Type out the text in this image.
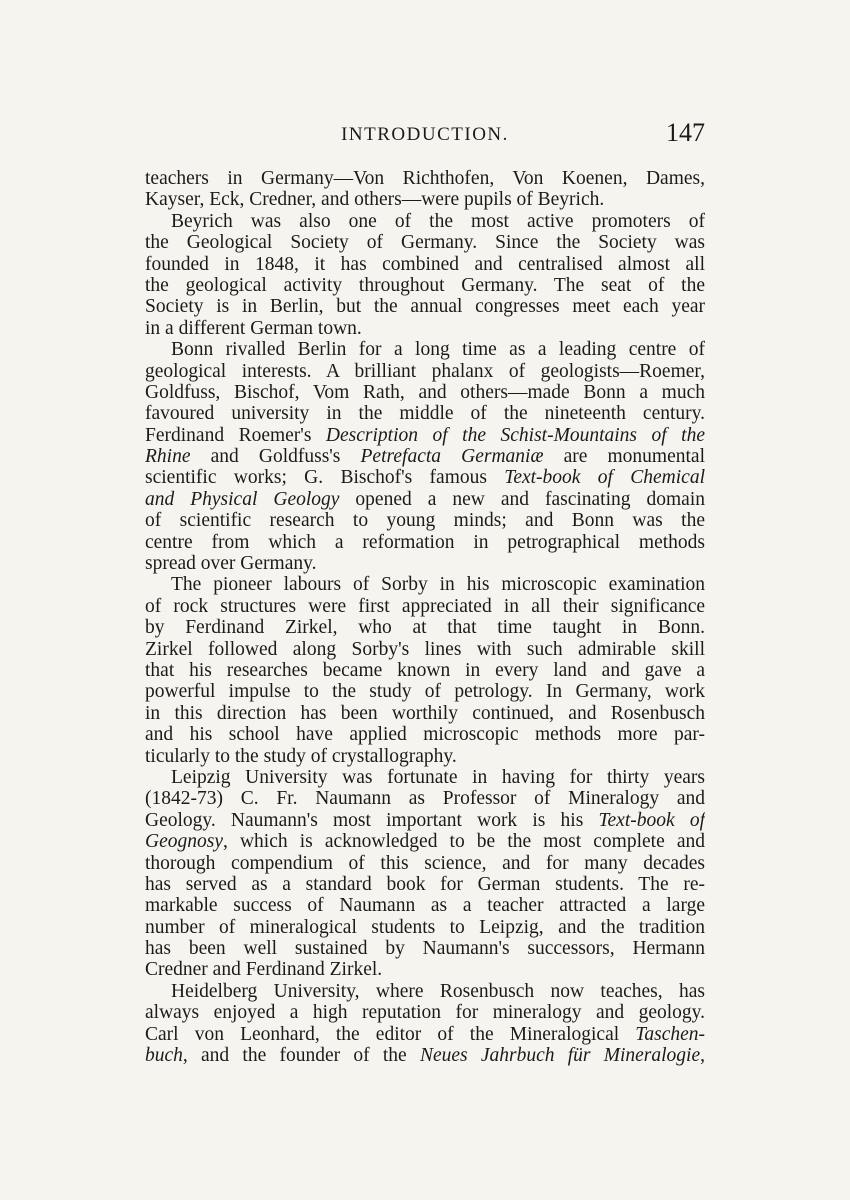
INTRODUCTION.	147
teachers in Germany—Von Richthofen, Von Koenen, Dames,
Kayser, Eck, Credner, and others—were pupils of Beyrich.
Beyrich was also one of the most active promoters of
the Geological Society of Germany. Since the Society was
founded in 1848, it has combined and centralised almost all
the geological activity throughout Germany. The seat of the
Society is in Berlin, but the annual congresses meet each year
in a different German town.
Bonn rivalled Berlin for a long time as a leading centre of
geological interests. A brilliant phalanx of geologists—Roemer,
Goldfuss, Bischof, Vom Rath, and others—made Bonn a much
favoured university in the middle of the nineteenth century.
Ferdinand Roemer's Description of the Schist-Mountains of the
Rhine and Goldfuss's Petrefacta Germaniæ are monumental
scientific works; G. Bischof's famous Text-book of Chemical
and Physical Geology opened a new and fascinating domain
of scientific research to young minds; and Bonn was the
centre from which a reformation in petrographical methods
spread over Germany.
The pioneer labours of Sorby in his microscopic examination
of rock structures were first appreciated in all their significance
by Ferdinand Zirkel, who at that time taught in Bonn.
Zirkel followed along Sorby's lines with such admirable skill
that his researches became known in every land and gave a
powerful impulse to the study of petrology. In Germany, work
in this direction has been worthily continued, and Rosenbusch
and his school have applied microscopic methods more par-
ticularly to the study of crystallography.
Leipzig University was fortunate in having for thirty years
(1842-73) C. Fr. Naumann as Professor of Mineralogy and
Geology. Naumann's most important work is his Text-book of
Geognosy, which is acknowledged to be the most complete and
thorough compendium of this science, and for many decades
has served as a standard book for German students. The re-
markable success of Naumann as a teacher attracted a large
number of mineralogical students to Leipzig, and the tradition
has been well sustained by Naumann's successors, Hermann
Credner and Ferdinand Zirkel.
Heidelberg University, where Rosenbusch now teaches, has
always enjoyed a high reputation for mineralogy and geology.
Carl von Leonhard, the editor of the Mineralogical Taschen-
buch, and the founder of the Neues Jahrbuch für Mineralogie,
